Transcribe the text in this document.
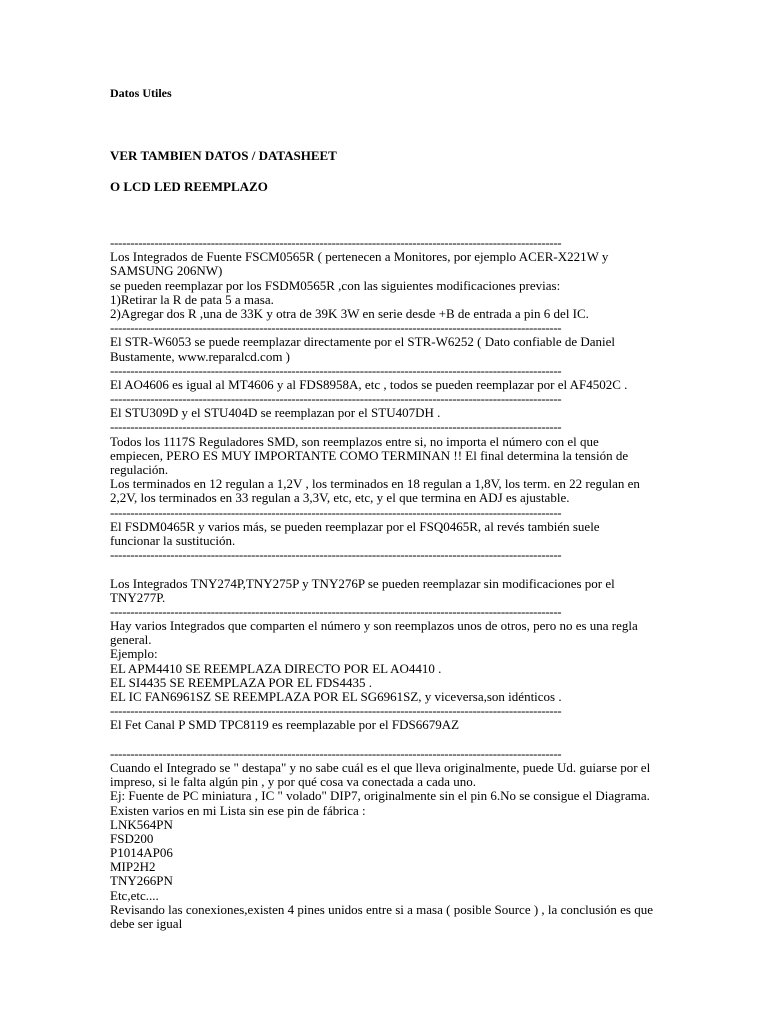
Datos Utiles
VER TAMBIEN DATOS / DATASHEET
O LCD LED REEMPLAZO
----------------------------------------------------------------------------------------------------------------
Los Integrados de Fuente FSCM0565R ( pertenecen a Monitores, por ejemplo ACER-X221W y
SAMSUNG 206NW)
se pueden reemplazar por los FSDM0565R ,con las siguientes modificaciones previas:
1)Retirar la R de pata 5 a masa.
2)Agregar dos R ,una de 33K y otra de 39K 3W en serie desde +B de entrada a pin 6 del IC.
----------------------------------------------------------------------------------------------------------------
El STR-W6053 se puede reemplazar directamente por el STR-W6252 ( Dato confiable de Daniel
Bustamente, www.reparalcd.com )
----------------------------------------------------------------------------------------------------------------
El AO4606 es igual al MT4606 y al FDS8958A, etc , todos se pueden reemplazar por el AF4502C .
----------------------------------------------------------------------------------------------------------------
El STU309D y el STU404D se reemplazan por el STU407DH .
----------------------------------------------------------------------------------------------------------------
Todos los 1117S Reguladores SMD, son reemplazos entre si, no importa el número con el que
empiecen, PERO ES MUY IMPORTANTE COMO TERMINAN !! El final determina la tensión de
regulación.
Los terminados en 12 regulan a 1,2V , los terminados en 18 regulan a 1,8V, los term. en 22 regulan en
2,2V, los terminados en 33 regulan a 3,3V, etc, etc, y el que termina en ADJ es ajustable.
----------------------------------------------------------------------------------------------------------------
El FSDM0465R y varios más, se pueden reemplazar por el FSQ0465R, al revés también suele
funcionar la sustitución.
----------------------------------------------------------------------------------------------------------------
Los Integrados TNY274P,TNY275P y TNY276P se pueden reemplazar sin modificaciones por el
TNY277P.
----------------------------------------------------------------------------------------------------------------
Hay varios Integrados que comparten el número y son reemplazos unos de otros, pero no es una regla
general.
Ejemplo:
EL APM4410 SE REEMPLAZA DIRECTO POR EL AO4410 .
EL SI4435 SE REEMPLAZA POR EL FDS4435 .
EL IC FAN6961SZ SE REEMPLAZA POR EL SG6961SZ, y viceversa,son idénticos .
----------------------------------------------------------------------------------------------------------------
El Fet Canal P SMD TPC8119 es reemplazable por el FDS6679AZ
----------------------------------------------------------------------------------------------------------------
Cuando el Integrado se " destapa" y no sabe cuál es el que lleva originalmente, puede Ud. guiarse por el
impreso, si le falta algún pin , y por qué cosa va conectada a cada uno.
Ej: Fuente de PC miniatura , IC " volado" DIP7, originalmente sin el pin 6.No se consigue el Diagrama.
Existen varios en mi Lista sin ese pin de fábrica :
LNK564PN
FSD200
P1014AP06
MIP2H2
TNY266PN
Etc,etc....
Revisando las conexiones,existen 4 pines unidos entre si a masa ( posible Source ) , la conclusión es que
debe ser igual
